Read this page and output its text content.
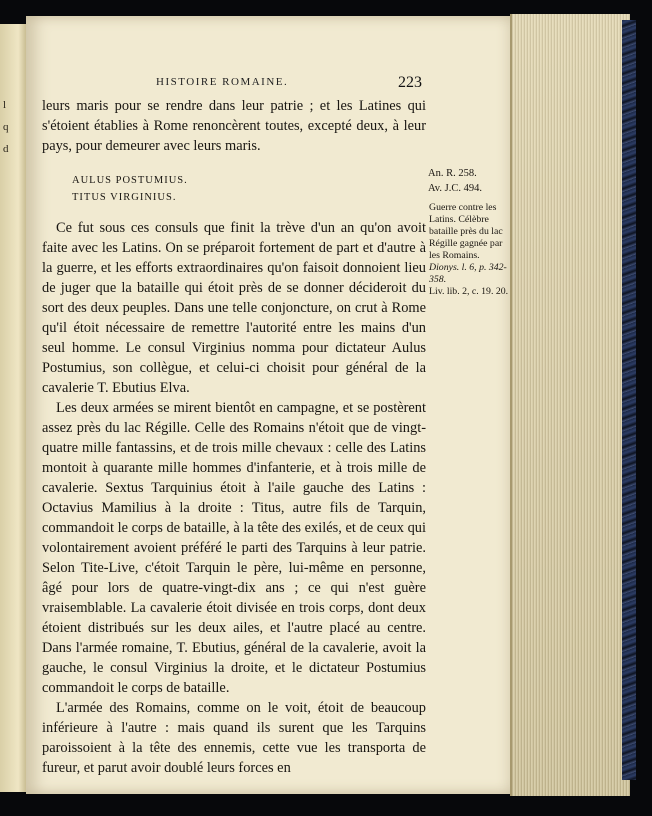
l
q
d
HISTOIRE ROMAINE.	223

leurs maris pour se rendre dans leur patrie ; et les Latines qui s'étoient établies à Rome renoncèrent toutes, excepté deux, à leur pays, pour demeurer avec leurs maris.

AULUS POSTUMIUS.
TITUS VIRGINIUS.

Ce fut sous ces consuls que finit la trève d'un an qu'on avoit faite avec les Latins. On se préparoit fortement de part et d'autre à la guerre, et les efforts extraordinaires qu'on faisoit donnoient lieu de juger que la bataille qui étoit près de se donner décideroit du sort des deux peuples. Dans une telle conjoncture, on crut à Rome qu'il étoit nécessaire de remettre l'autorité entre les mains d'un seul homme. Le consul Virginius nomma pour dictateur Aulus Postumius, son collègue, et celui-ci choisit pour général de la cavalerie T. Ebutius Elva.

Les deux armées se mirent bientôt en campagne, et se postèrent assez près du lac Régille. Celle des Romains n'étoit que de vingt-quatre mille fantassins, et de trois mille chevaux : celle des Latins montoit à quarante mille hommes d'infanterie, et à trois mille de cavalerie. Sextus Tarquinius étoit à l'aile gauche des Latins : Octavius Mamilius à la droite : Titus, autre fils de Tarquin, commandoit le corps de bataille, à la tête des exilés, et de ceux qui volontairement avoient préféré le parti des Tarquins à leur patrie. Selon Tite-Live, c'étoit Tarquin le père, lui-même en personne, âgé pour lors de quatre-vingt-dix ans ; ce qui n'est guère vraisemblable. La cavalerie étoit divisée en trois corps, dont deux étoient distribués sur les deux ailes, et l'autre placé au centre. Dans l'armée romaine, T. Ebutius, général de la cavalerie, avoit la gauche, le consul Virginius la droite, et le dictateur Postumius commandoit le corps de bataille.

L'armée des Romains, comme on le voit, étoit de beaucoup inférieure à l'autre : mais quand ils surent que les Tarquins paroissoient à la tête des ennemis, cette vue les transporta de fureur, et parut avoir doublé leurs forces en

An. R. 258.
Av. J.C. 494.
Guerre contre les Latins. Célèbre bataille près du lac Régille gagnée par les Romains.
Dionys. l. 6, p. 342-358.
Liv. lib. 2, c. 19. 20.
